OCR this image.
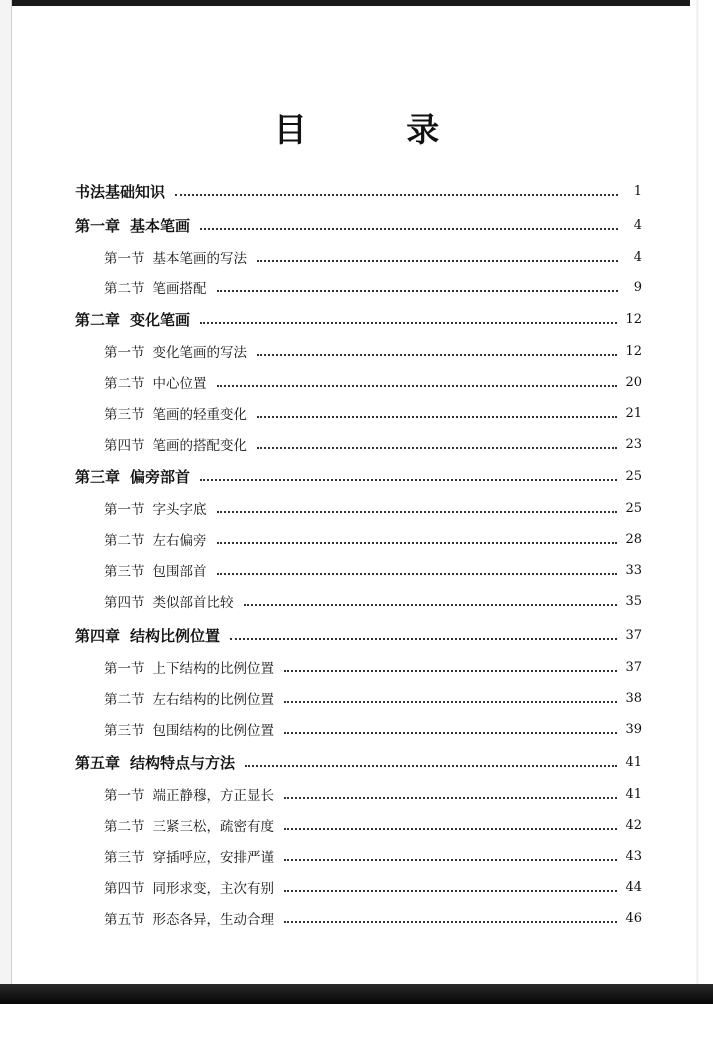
目 录
书法基础知识	1
第一章 基本笔画	4
第一节 基本笔画的写法	4
第二节 笔画搭配	9
第二章 变化笔画	12
第一节 变化笔画的写法	12
第二节 中心位置	20
第三节 笔画的轻重变化	21
第四节 笔画的搭配变化	23
第三章 偏旁部首	25
第一节 字头字底	25
第二节 左右偏旁	28
第三节 包围部首	33
第四节 类似部首比较	35
第四章 结构比例位置	37
第一节 上下结构的比例位置	37
第二节 左右结构的比例位置	38
第三节 包围结构的比例位置	39
第五章 结构特点与方法	41
第一节 端正静穆，方正显长	41
第二节 三紧三松，疏密有度	42
第三节 穿插呼应，安排严谨	43
第四节 同形求变，主次有别	44
第五节 形态各异，生动合理	46
